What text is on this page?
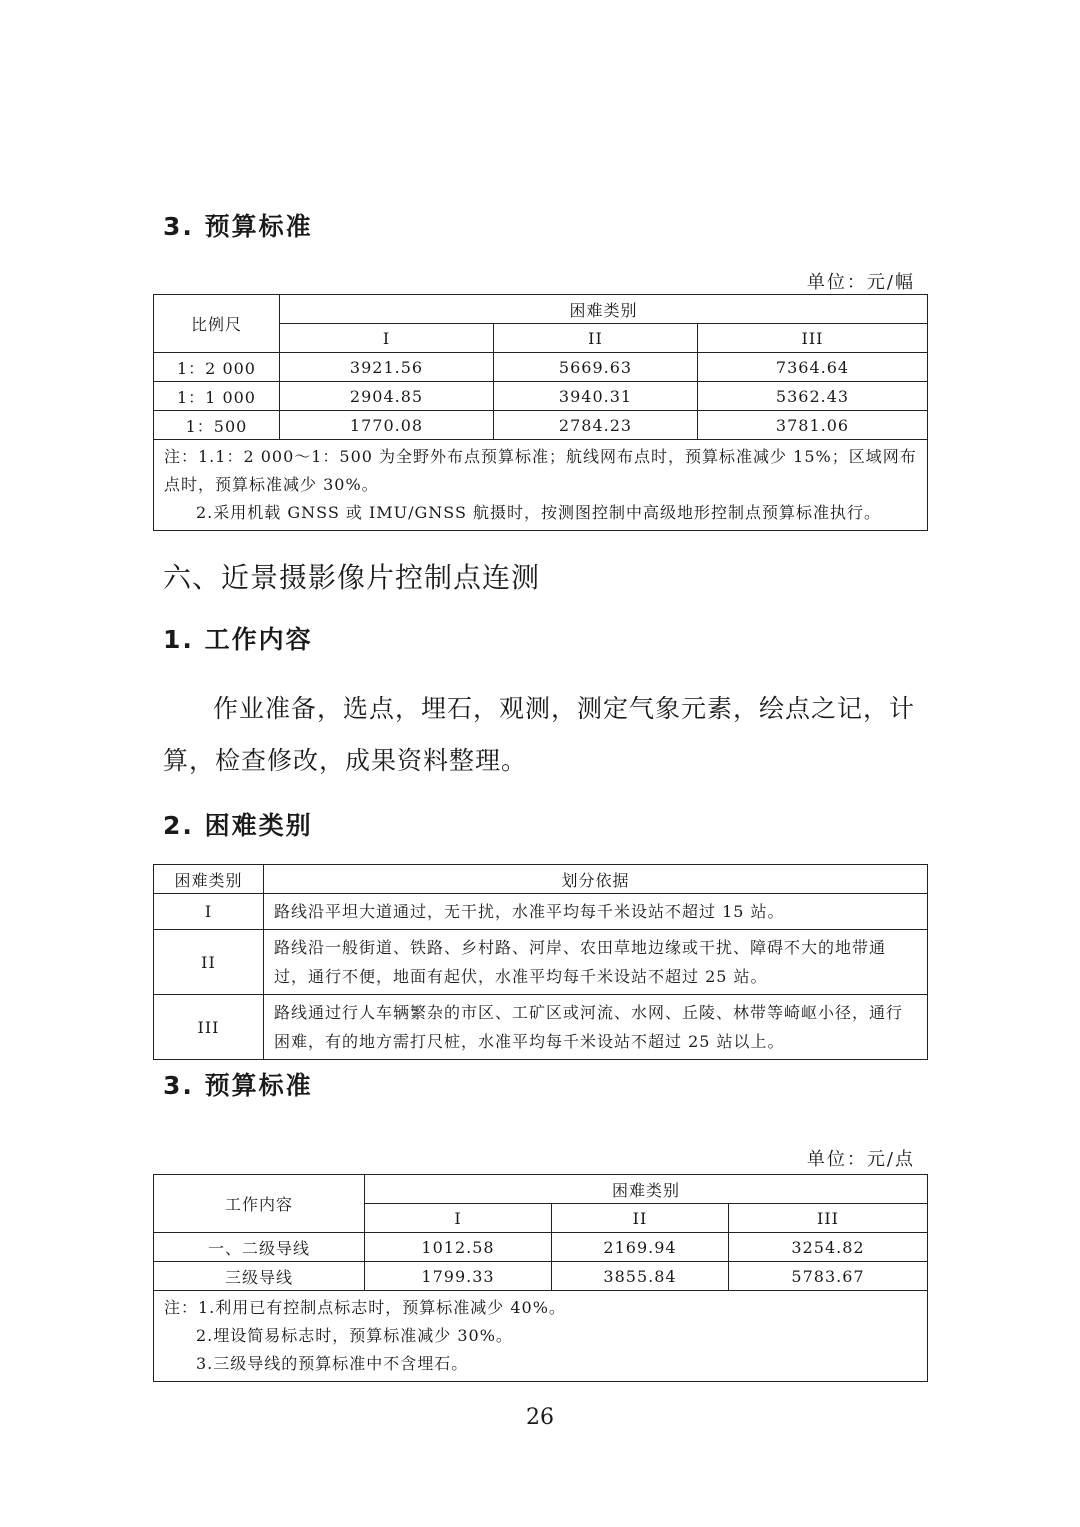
3. 预算标准
单位：元/幅
比例尺	困难类别		
	I	II	III
1：2 000	3921.56	5669.63	7364.64
1：1 000	2904.85	3940.31	5362.43
1：500	1770.08	2784.23	3781.06

注：1.1：2 000～1：500 为全野外布点预算标准；航线网布点时，预算标准减少 15%；区域网布点时，预算标准减少 30%。
2.采用机载 GNSS 或 IMU/GNSS 航摄时，按测图控制中高级地形控制点预算标准执行。			
六、近景摄影像片控制点连测
1. 工作内容
作业准备，选点，埋石，观测，测定气象元素，绘点之记，计算，检查修改，成果资料整理。
2. 困难类别
困难类别	划分依据
I	路线沿平坦大道通过，无干扰，水准平均每千米设站不超过 15 站。
II	路线沿一般街道、铁路、乡村路、河岸、农田草地边缘或干扰、障碍不大的地带通过，通行不便，地面有起伏，水准平均每千米设站不超过 25 站。
III	路线通过行人车辆繁杂的市区、工矿区或河流、水网、丘陵、林带等崎岖小径，通行困难，有的地方需打尺桩，水准平均每千米设站不超过 25 站以上。
3. 预算标准
单位：元/点
工作内容	困难类别		
	I	II	III
一、二级导线	1012.58	2169.94	3254.82
三级导线	1799.33	3855.84	5783.67

注：1.利用已有控制点标志时，预算标准减少 40%。
2.埋设简易标志时，预算标准减少 30%。
3.三级导线的预算标准中不含埋石。			
26
